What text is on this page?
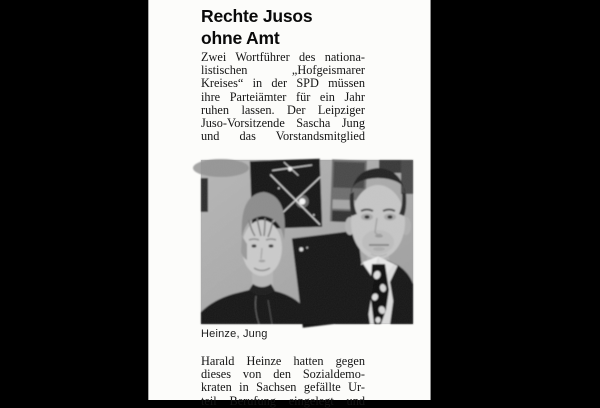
Rechte Jusos
ohne Amt
Zwei Wortführer des nationa-
listischen „Hofgeismarer
Kreises“ in der SPD müssen
ihre Parteiämter für ein Jahr
ruhen lassen. Der Leipziger
Juso-Vorsitzende Sascha Jung
und das Vorstandsmitglied
Heinze, Jung
Harald Heinze hatten gegen
dieses von den Sozialdemo-
kraten in Sachsen gefällte Ur-
teil Berufung eingelegt und
